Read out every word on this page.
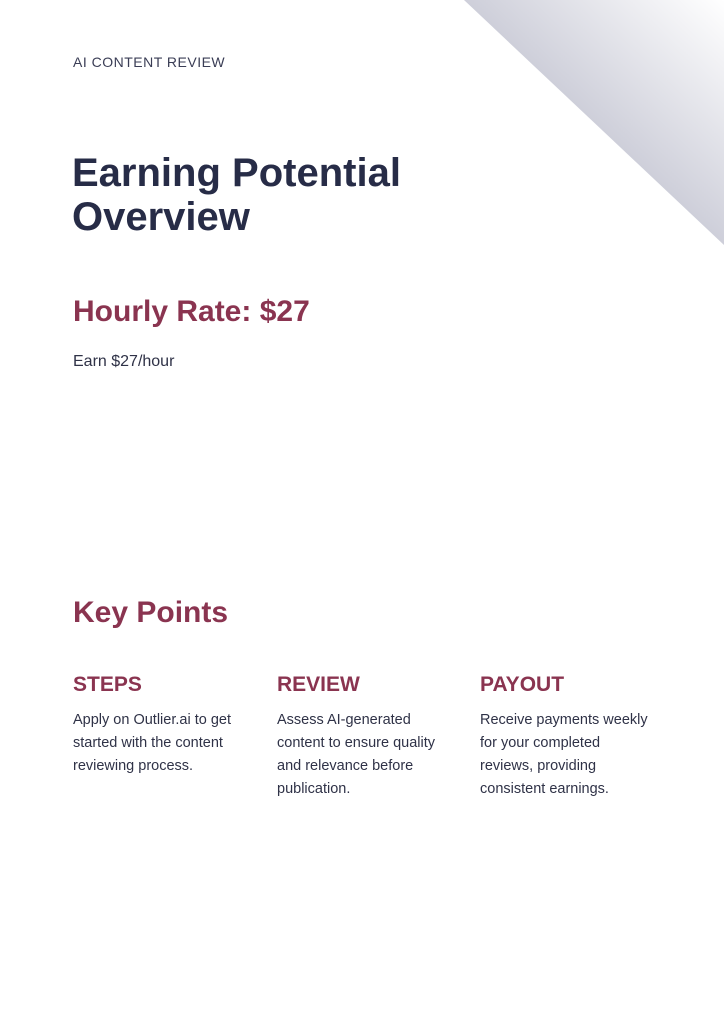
AI CONTENT REVIEW
Earning Potential Overview
Hourly Rate: $27

Earn $27/hour

Key Points
STEPS

Apply on Outlier.ai to get started with the content reviewing process.

REVIEW

Assess AI-generated content to ensure quality and relevance before publication.

PAYOUT

Receive payments weekly for your completed reviews, providing consistent earnings.
